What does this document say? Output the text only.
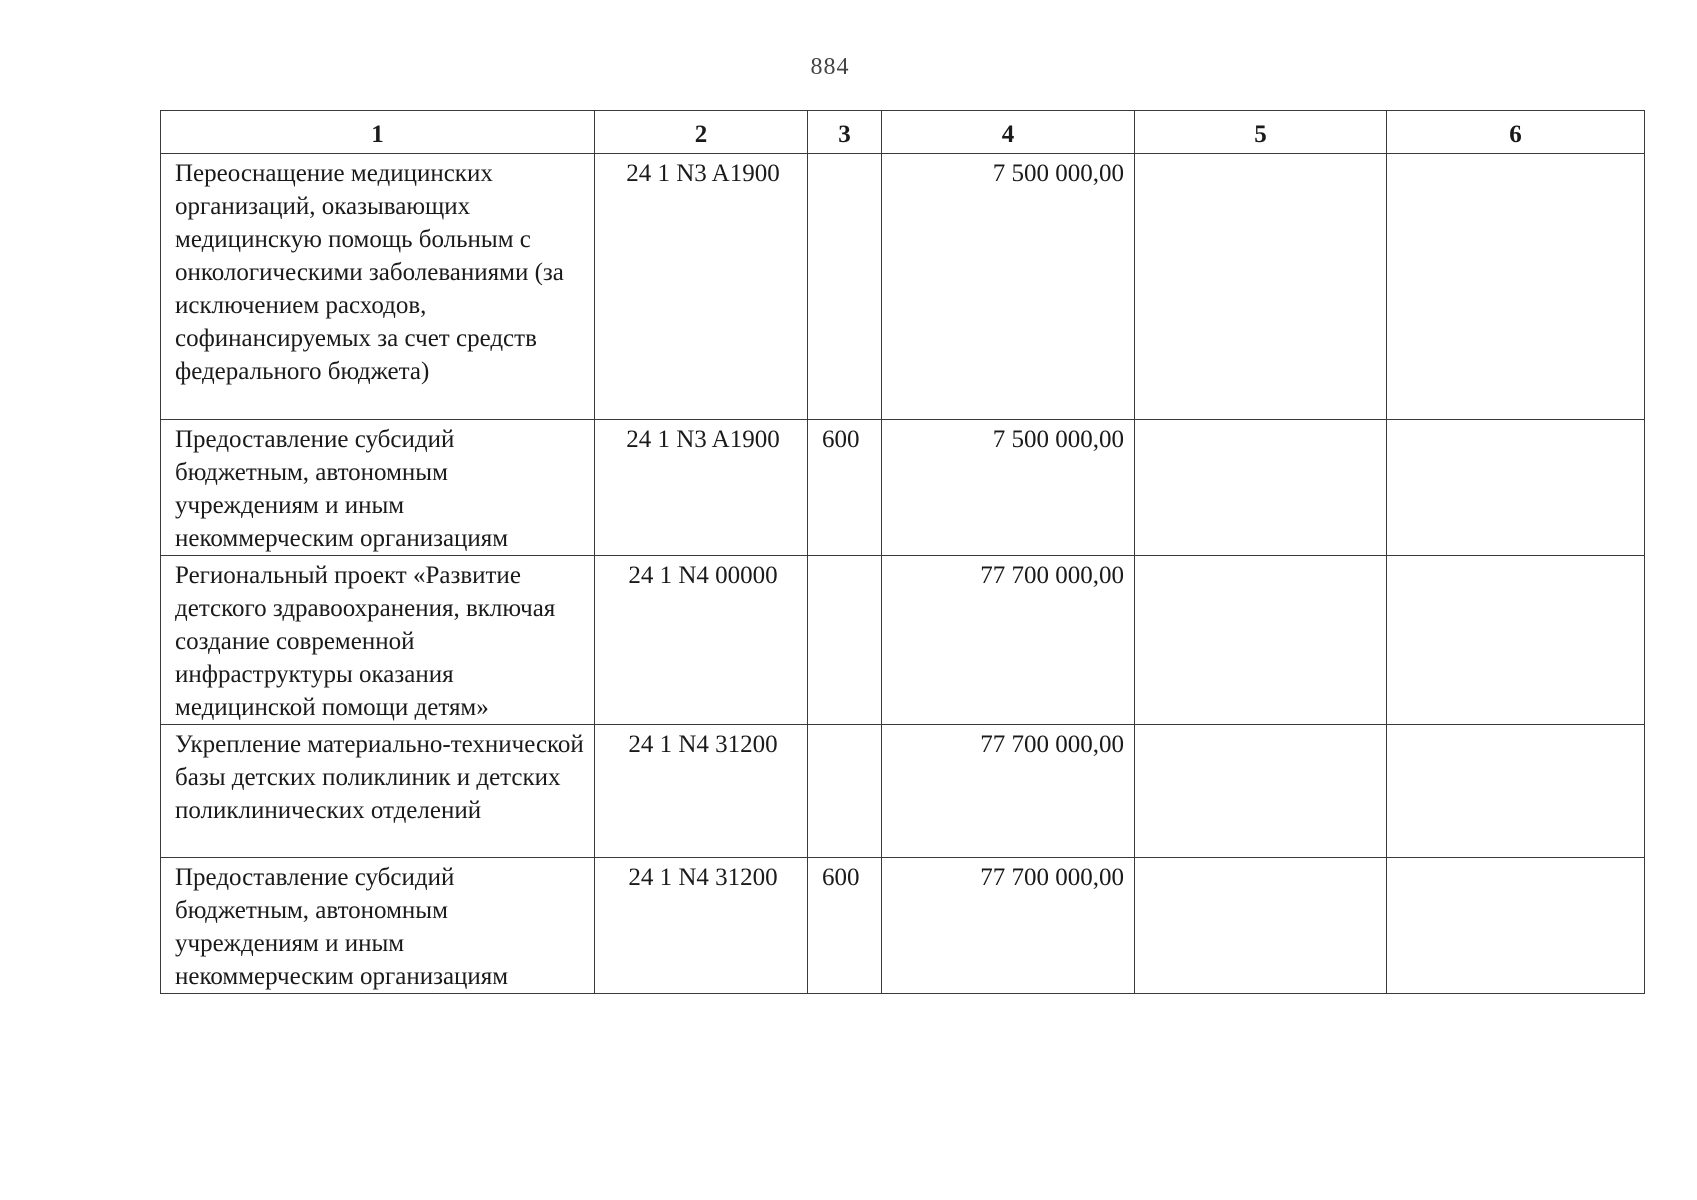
884
1	2	3	4	5	6
Переоснащение медицинских организаций, оказывающих медицинскую помощь больным с онкологическими заболеваниями (за исключением расходов, софинансируемых за счет средств федерального бюджета)	24 1 N3 A1900		7 500 000,00		
Предоставление субсидий бюджетным, автономным учреждениям и иным некоммерческим организациям	24 1 N3 A1900	600	7 500 000,00		
Региональный проект «Развитие детского здравоохранения, включая создание современной инфраструктуры оказания медицинской помощи детям»	24 1 N4 00000		77 700 000,00		
Укрепление материально-технической базы детских поликлиник и детских поликлинических отделений	24 1 N4 31200		77 700 000,00		
Предоставление субсидий бюджетным, автономным учреждениям и иным некоммерческим организациям	24 1 N4 31200	600	77 700 000,00		
